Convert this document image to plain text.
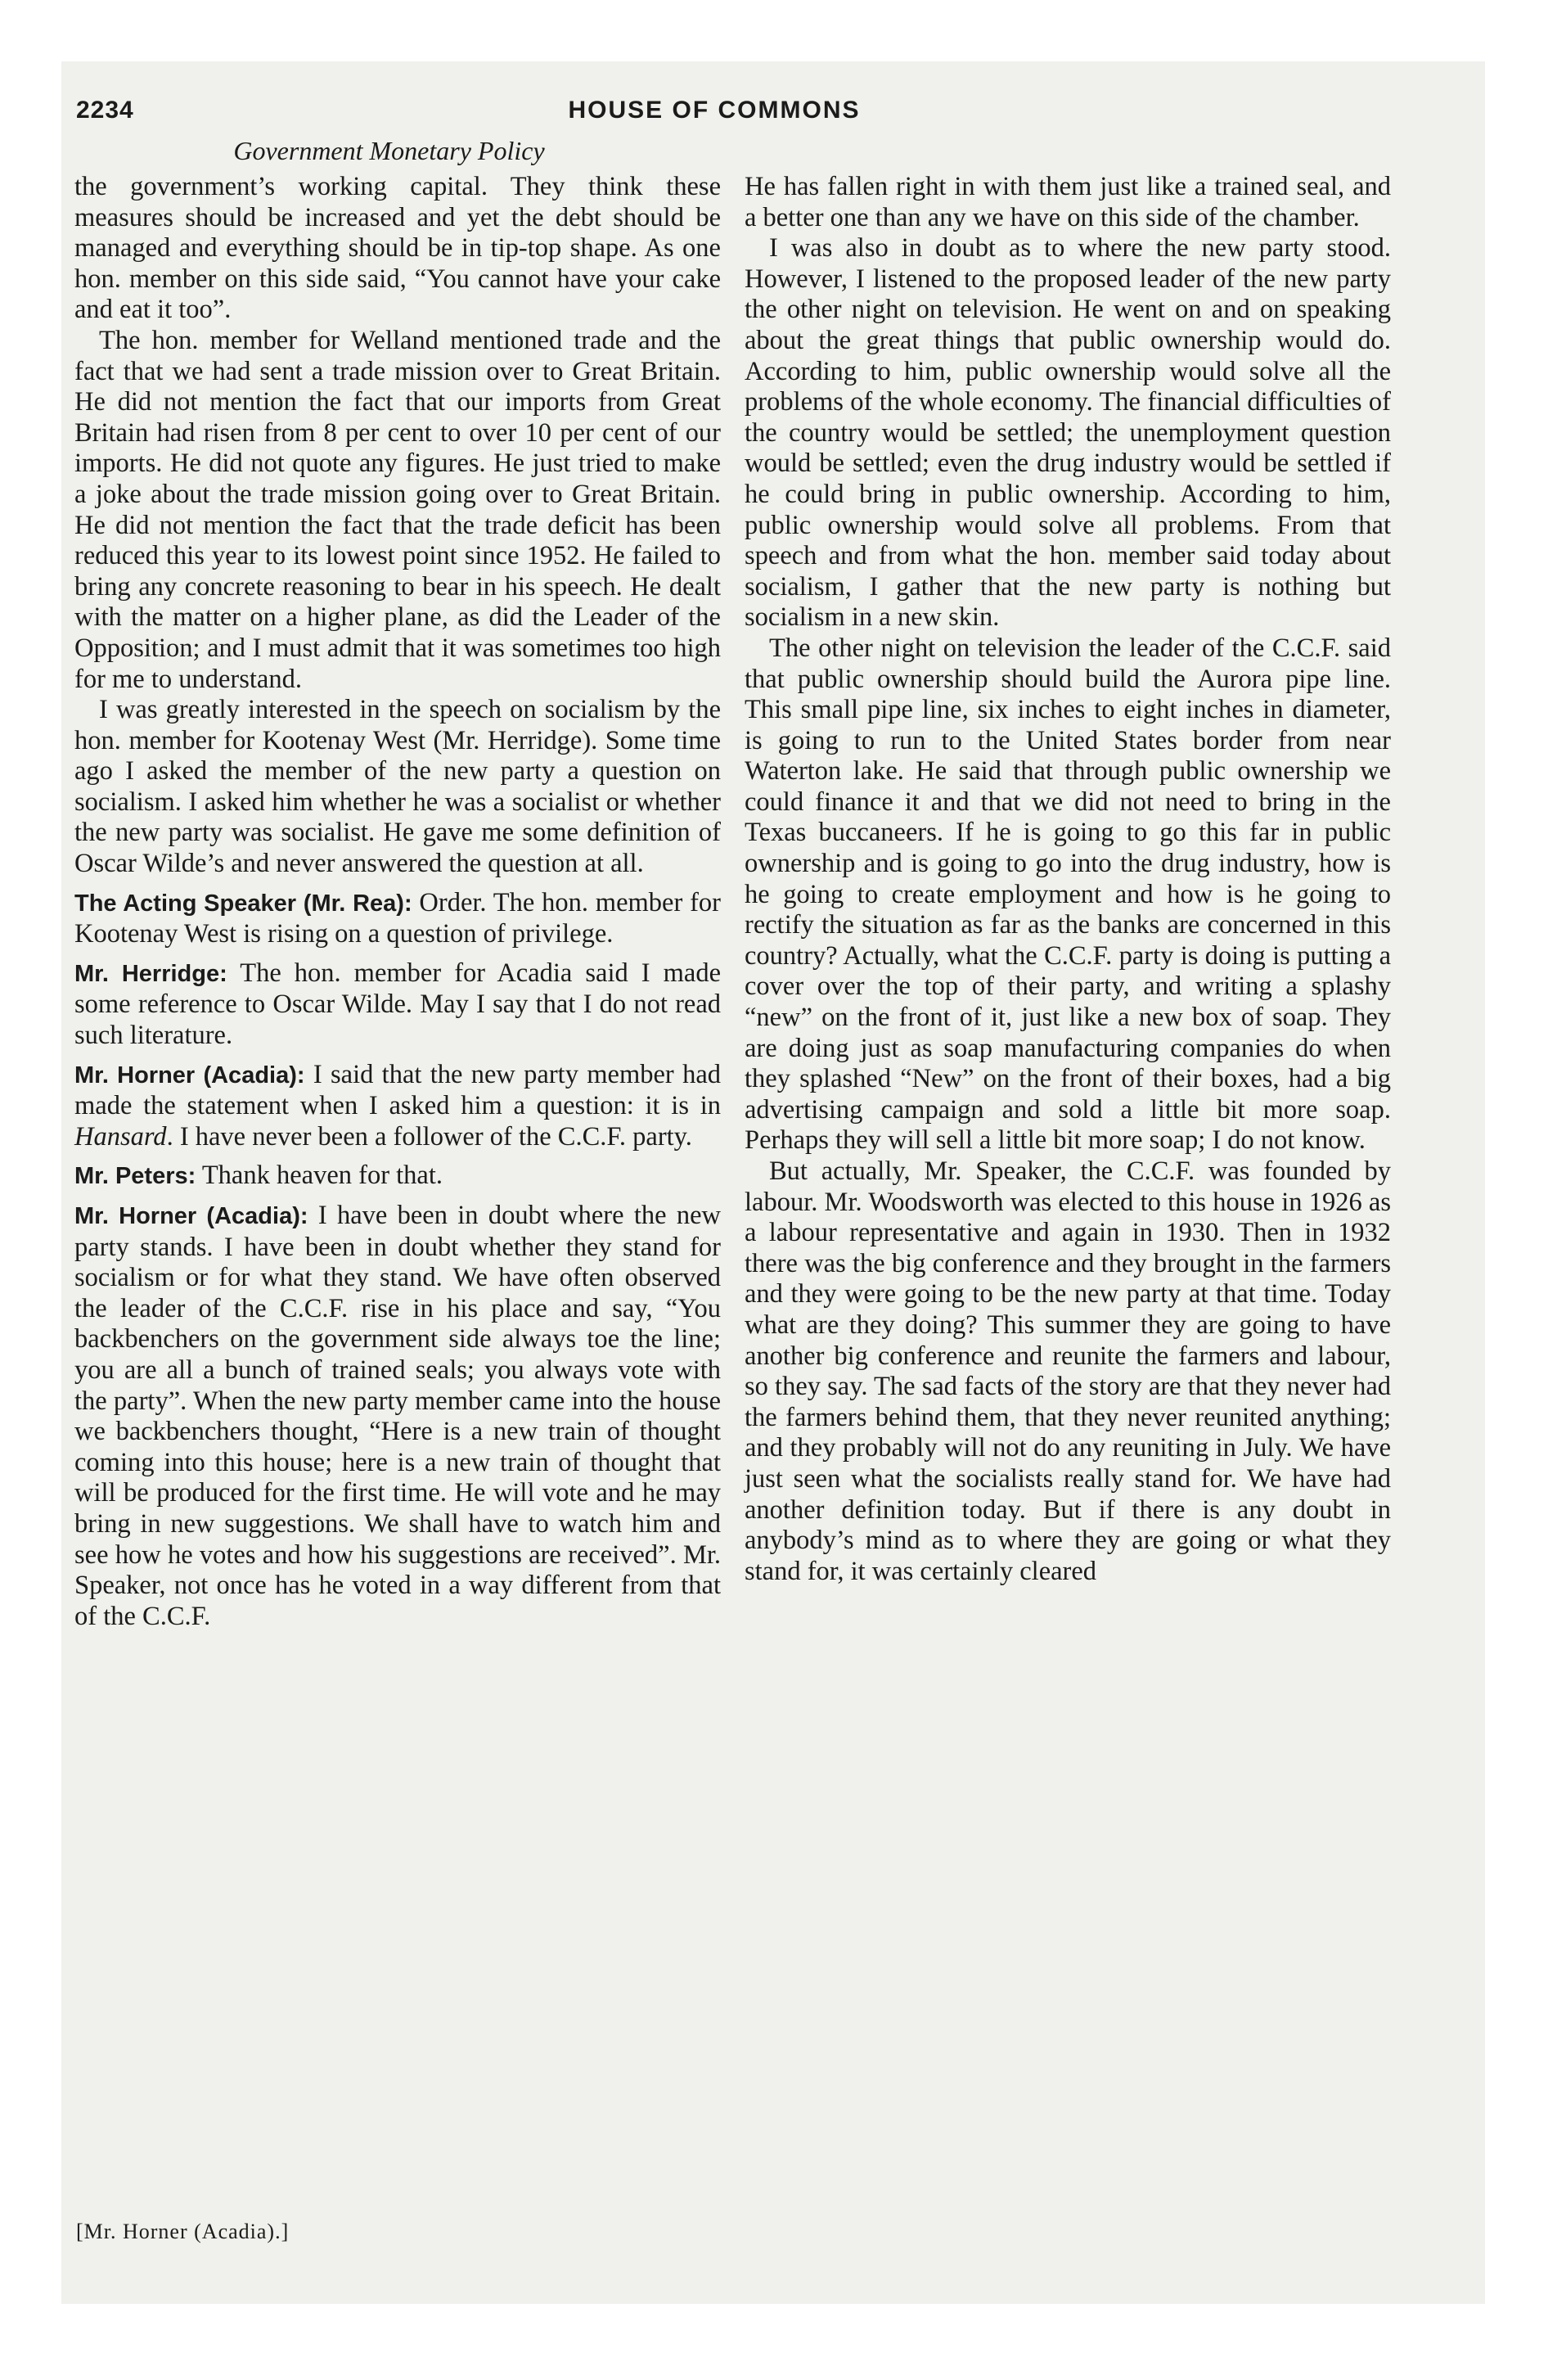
2234	HOUSE OF COMMONS
Government Monetary Policy

the government’s working capital. They think these measures should be increased and yet the debt should be managed and everything should be in tip-top shape. As one hon. member on this side said, “You cannot have your cake and eat it too”.

The hon. member for Welland mentioned trade and the fact that we had sent a trade mission over to Great Britain. He did not mention the fact that our imports from Great Britain had risen from 8 per cent to over 10 per cent of our imports. He did not quote any figures. He just tried to make a joke about the trade mission going over to Great Britain. He did not mention the fact that the trade deficit has been reduced this year to its lowest point since 1952. He failed to bring any concrete reasoning to bear in his speech. He dealt with the matter on a higher plane, as did the Leader of the Opposition; and I must admit that it was sometimes too high for me to understand.

I was greatly interested in the speech on socialism by the hon. member for Kootenay West (Mr. Herridge). Some time ago I asked the member of the new party a question on socialism. I asked him whether he was a socialist or whether the new party was socialist. He gave me some definition of Oscar Wilde’s and never answered the question at all.

The Acting Speaker (Mr. Rea): Order. The hon. member for Kootenay West is rising on a question of privilege.

Mr. Herridge: The hon. member for Acadia said I made some reference to Oscar Wilde. May I say that I do not read such literature.

Mr. Horner (Acadia): I said that the new party member had made the statement when I asked him a question: it is in Hansard. I have never been a follower of the C.C.F. party.

Mr. Peters: Thank heaven for that.

Mr. Horner (Acadia): I have been in doubt where the new party stands. I have been in doubt whether they stand for socialism or for what they stand. We have often observed the leader of the C.C.F. rise in his place and say, “You backbenchers on the government side always toe the line; you are all a bunch of trained seals; you always vote with the party”. When the new party member came into the house we backbenchers thought, “Here is a new train of thought coming into this house; here is a new train of thought that will be produced for the first time. He will vote and he may bring in new suggestions. We shall have to watch him and see how he votes and how his suggestions are received”. Mr. Speaker, not once has he voted in a way different from that of the C.C.F.

He has fallen right in with them just like a trained seal, and a better one than any we have on this side of the chamber.

I was also in doubt as to where the new party stood. However, I listened to the proposed leader of the new party the other night on television. He went on and on speaking about the great things that public ownership would do. According to him, public ownership would solve all the problems of the whole economy. The financial difficulties of the country would be settled; the unemployment question would be settled; even the drug industry would be settled if he could bring in public ownership. According to him, public ownership would solve all problems. From that speech and from what the hon. member said today about socialism, I gather that the new party is nothing but socialism in a new skin.

The other night on television the leader of the C.C.F. said that public ownership should build the Aurora pipe line. This small pipe line, six inches to eight inches in diameter, is going to run to the United States border from near Waterton lake. He said that through public ownership we could finance it and that we did not need to bring in the Texas buccaneers. If he is going to go this far in public ownership and is going to go into the drug industry, how is he going to create employment and how is he going to rectify the situation as far as the banks are concerned in this country? Actually, what the C.C.F. party is doing is putting a cover over the top of their party, and writing a splashy “new” on the front of it, just like a new box of soap. They are doing just as soap manufacturing companies do when they splashed “New” on the front of their boxes, had a big advertising campaign and sold a little bit more soap. Perhaps they will sell a little bit more soap; I do not know.

But actually, Mr. Speaker, the C.C.F. was founded by labour. Mr. Woodsworth was elected to this house in 1926 as a labour representative and again in 1930. Then in 1932 there was the big conference and they brought in the farmers and they were going to be the new party at that time. Today what are they doing? This summer they are going to have another big conference and reunite the farmers and labour, so they say. The sad facts of the story are that they never had the farmers behind them, that they never reunited anything; and they probably will not do any reuniting in July. We have just seen what the socialists really stand for. We have had another definition today. But if there is any doubt in anybody’s mind as to where they are going or what they stand for, it was certainly cleared

[Mr. Horner (Acadia).]
